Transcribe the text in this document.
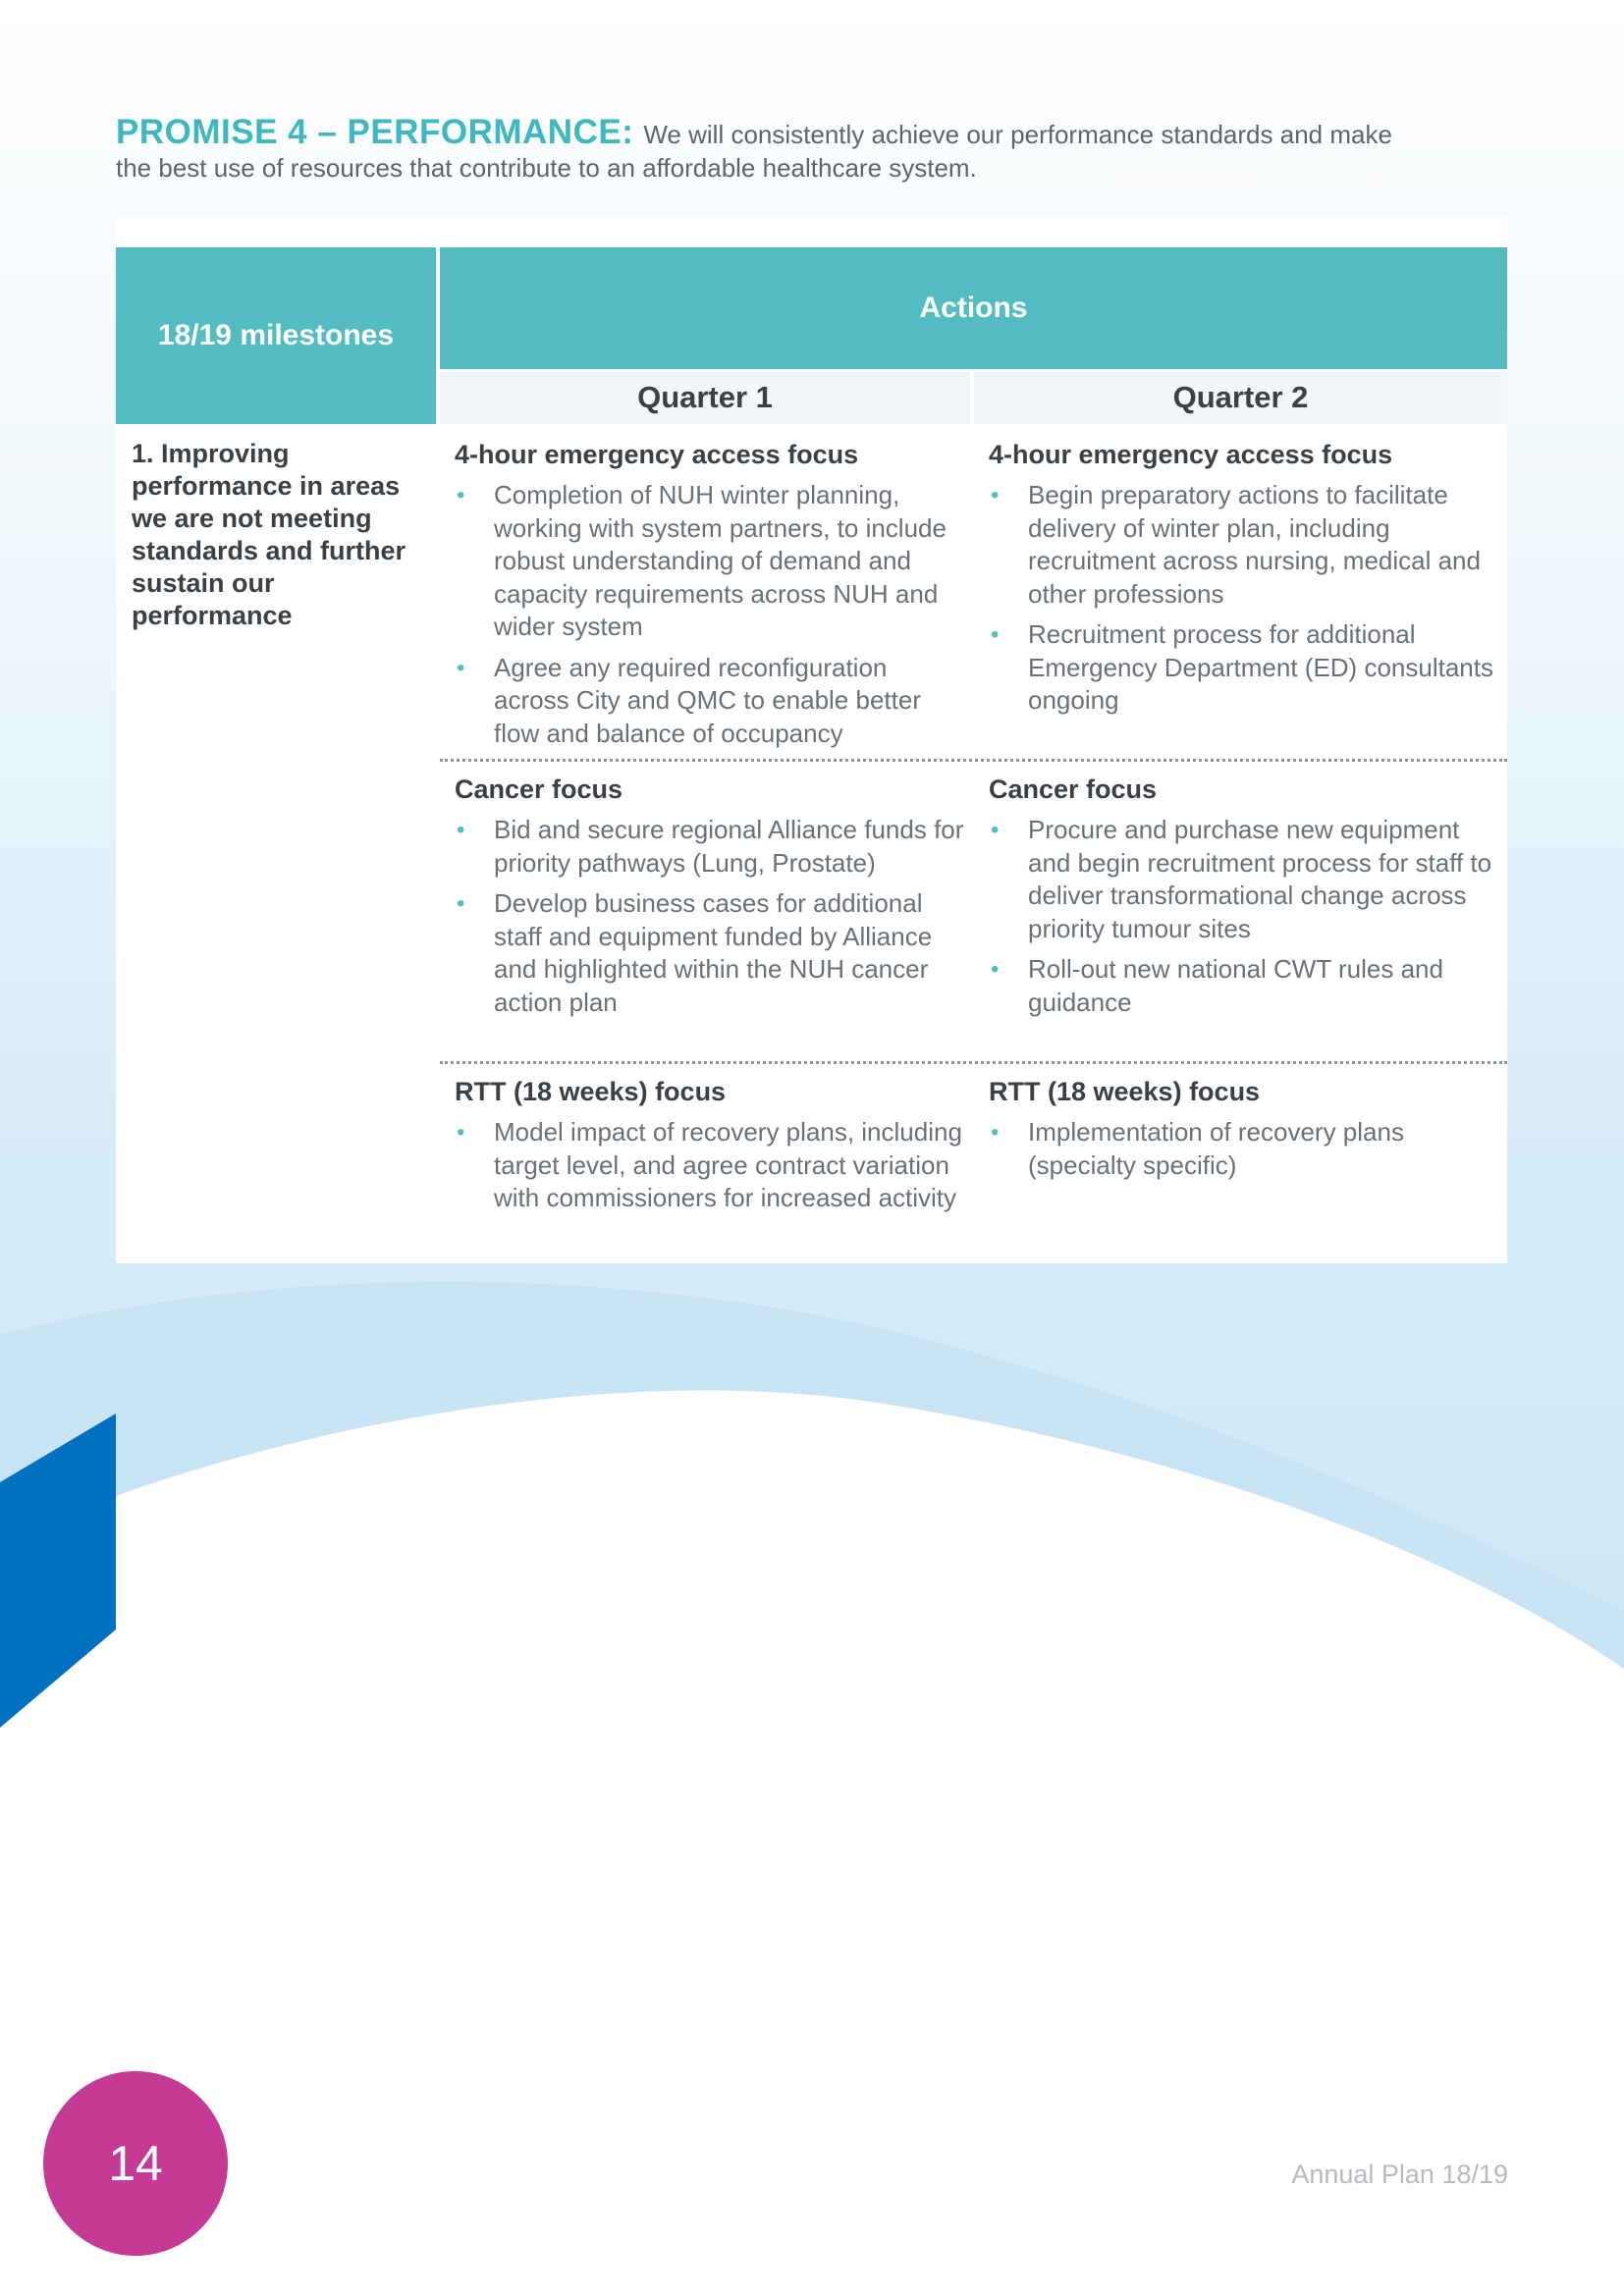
PROMISE 4 – PERFORMANCE: We will consistently achieve our performance standards and make the best use of resources that contribute to an affordable healthcare system.
18/19 milestones
Actions
Quarter 1	Quarter 2
1. Improving performance in areas we are not meeting standards and further sustain our performance
4-hour emergency access focus
• Completion of NUH winter planning, working with system partners, to include robust understanding of demand and capacity requirements across NUH and wider system
• Agree any required reconfiguration across City and QMC to enable better flow and balance of occupancy
4-hour emergency access focus
• Begin preparatory actions to facilitate delivery of winter plan, including recruitment across nursing, medical and other professions
• Recruitment process for additional Emergency Department (ED) consultants ongoing
Cancer focus
• Bid and secure regional Alliance funds for priority pathways (Lung, Prostate)
• Develop business cases for additional staff and equipment funded by Alliance and highlighted within the NUH cancer action plan
Cancer focus
• Procure and purchase new equipment and begin recruitment process for staff to deliver transformational change across priority tumour sites
• Roll-out new national CWT rules and guidance
RTT (18 weeks) focus
• Model impact of recovery plans, including target level, and agree contract variation with commissioners for increased activity
RTT (18 weeks) focus
• Implementation of recovery plans (specialty specific)
14	Annual Plan 18/19
